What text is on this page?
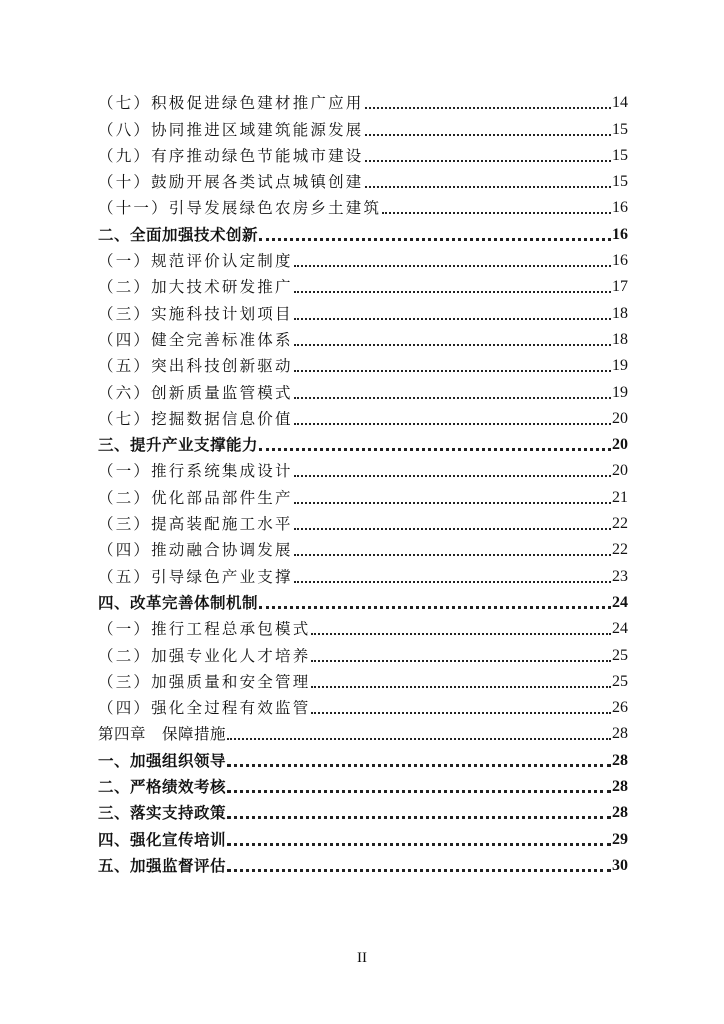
（七）积极促进绿色建材推广应用	14
（八）协同推进区域建筑能源发展	15
（九）有序推动绿色节能城市建设	15
（十）鼓励开展各类试点城镇创建	15
（十一）引导发展绿色农房乡土建筑	16
二、全面加强技术创新	16
（一）规范评价认定制度	16
（二）加大技术研发推广	17
（三）实施科技计划项目	18
（四）健全完善标准体系	18
（五）突出科技创新驱动	19
（六）创新质量监管模式	19
（七）挖掘数据信息价值	20
三、提升产业支撑能力	20
（一）推行系统集成设计	20
（二）优化部品部件生产	21
（三）提高装配施工水平	22
（四）推动融合协调发展	22
（五）引导绿色产业支撑	23
四、改革完善体制机制	24
（一）推行工程总承包模式	24
（二）加强专业化人才培养	25
（三）加强质量和安全管理	25
（四）强化全过程有效监管	26
第四章　保障措施	28
一、加强组织领导	28
二、严格绩效考核	28
三、落实支持政策	28
四、强化宣传培训	29
五、加强监督评估	30
II
